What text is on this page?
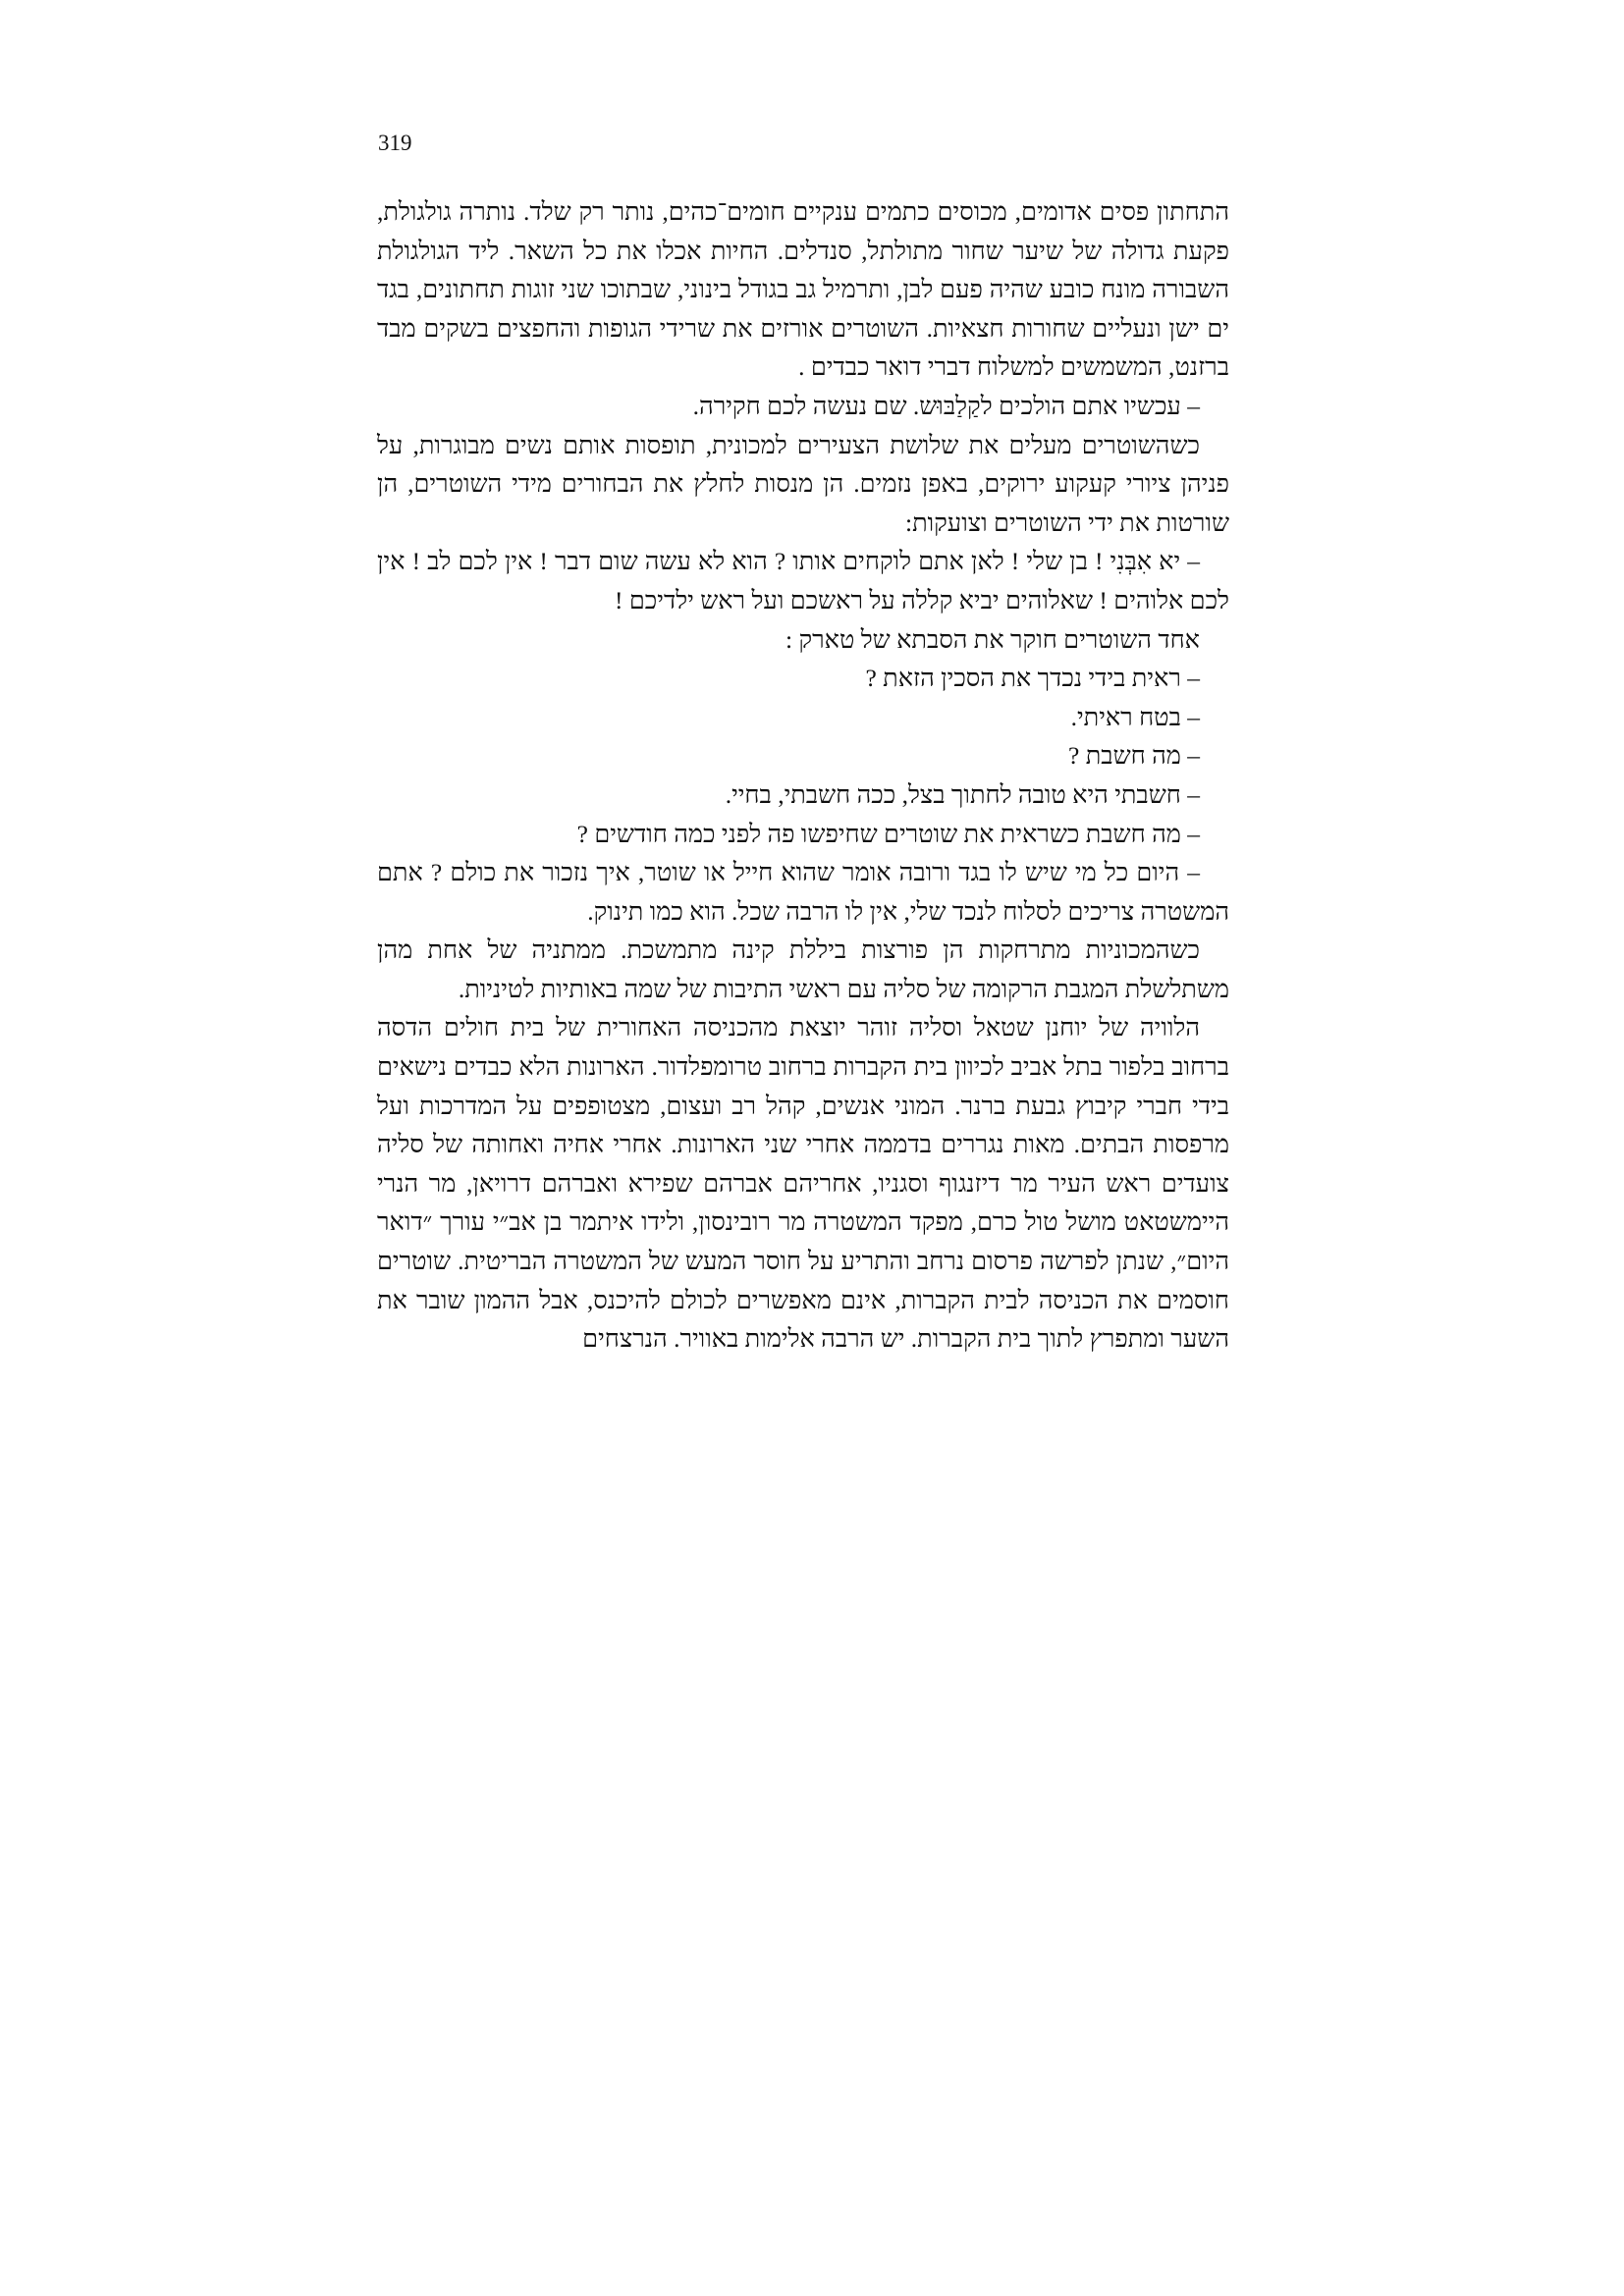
319

התחתון פסים אדומים, מכוסים כתמים ענקיים חומים־כהים, נותר רק שלד. נותרה גולגולת, פקעת גדולה של שיער שחור מתולתל, סנדלים. החיות אכלו את כל השאר. ליד הגולגולת השבורה מונח כובע שהיה פעם לבן, ותרמיל גב בגודל בינוני, שבתוכו שני זוגות תחתונים, בגד ים ישן ונעליים שחורות חצאיות. השוטרים אורזים את שרידי הגופות והחפצים בשקים מבד ברזנט, המשמשים למשלוח דברי דואר כבדים .

– עכשיו אתם הולכים לקַלַבּוּש. שם נעשה לכם חקירה.

כשהשוטרים מעלים את שלושת הצעירים למכונית, תופסות אותם נשים מבוגרות, על פניהן ציורי קעקוע ירוקים, באפן נזמים. הן מנסות לחלץ את הבחורים מידי השוטרים, הן שורטות את ידי השוטרים וצועקות:

– יא אִבְּנִי ! בן שלי ! לאן אתם לוקחים אותו ? הוא לא עשה שום דבר ! אין לכם לב ! אין לכם אלוהים ! שאלוהים יביא קללה על ראשכם ועל ראש ילדיכם !

אחד השוטרים חוקר את הסבתא של טארק :

– ראית בידי נכדך את הסכין הזאת ?

– בטח ראיתי.

– מה חשבת ?

– חשבתי היא טובה לחתוך בצל, ככה חשבתי, בחיי.

– מה חשבת כשראית את שוטרים שחיפשו פה לפני כמה חודשים ?

– היום כל מי שיש לו בגד ורובה אומר שהוא חייל או שוטר, איך נזכור את כולם ? אתם המשטרה צריכים לסלוח לנכד שלי, אין לו הרבה שכל. הוא כמו תינוק.

כשהמכוניות מתרחקות הן פורצות ביללת קינה מתמשכת. ממתניה של אחת מהן משתלשלת המגבת הרקומה של סליה עם ראשי התיבות של שמה באותיות לטיניות.

הלוויה של יוחנן שטאל וסליה זוהר יוצאת מהכניסה האחורית של בית חולים הדסה ברחוב בלפור בתל אביב לכיוון בית הקברות ברחוב טרומפלדור. הארונות הלא כבדים נישאים בידי חברי קיבוץ גבעת ברנר. המוני אנשים, קהל רב ועצום, מצטופפים על המדרכות ועל מרפסות הבתים. מאות נגררים בדממה אחרי שני הארונות. אחרי אחיה ואחותה של סליה צועדים ראש העיר מר דיזנגוף וסגניו, אחריהם אברהם שפירא ואברהם דרויאן, מר הנרי היימשטאט מושל טול כרם, מפקד המשטרה מר רובינסון, ולידו איתמר בן אב״י עורך ״דואר היום״, שנתן לפרשה פרסום נרחב והתריע על חוסר המעש של המשטרה הבריטית. שוטרים חוסמים את הכניסה לבית הקברות, אינם מאפשרים לכולם להיכנס, אבל ההמון שובר את השער ומתפרץ לתוך בית הקברות. יש הרבה אלימות באוויר. הנרצחים
